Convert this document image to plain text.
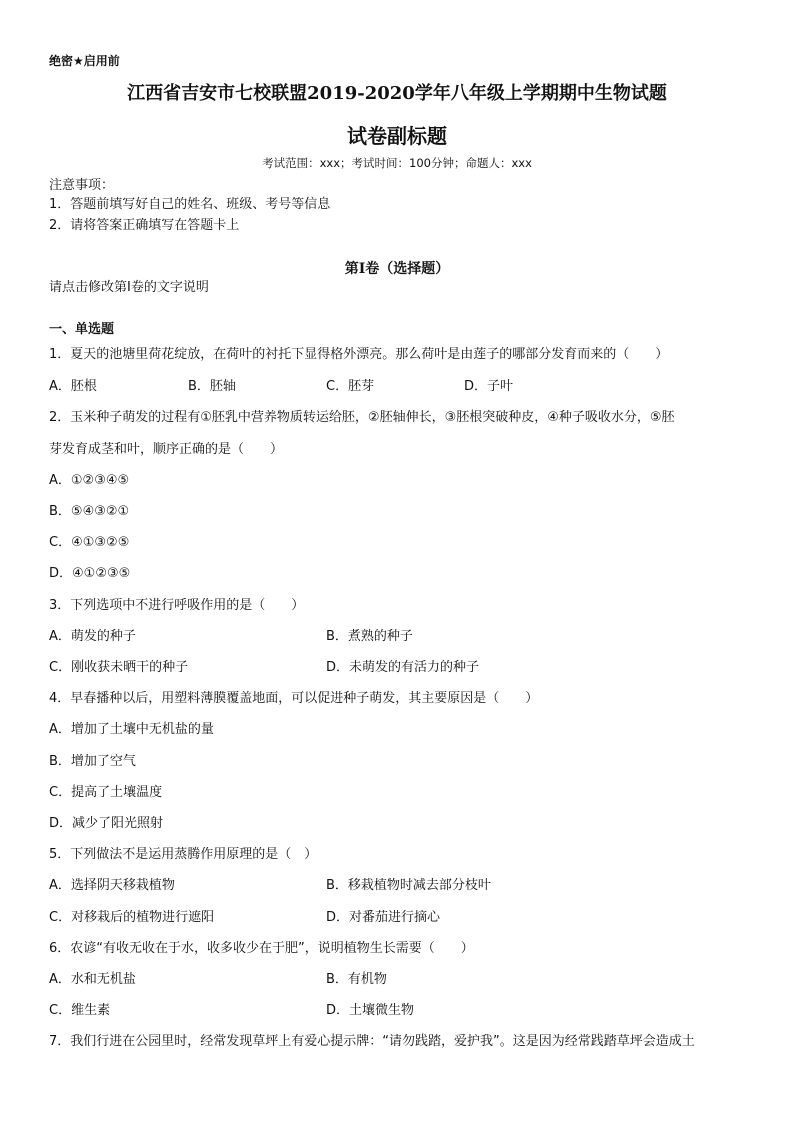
绝密★启用前
江西省吉安市七校联盟2019-2020学年八年级上学期期中生物试题
试卷副标题
考试范围：xxx；考试时间：100分钟；命题人：xxx
注意事项：
1．答题前填写好自己的姓名、班级、考号等信息
2．请将答案正确填写在答题卡上
第I卷（选择题）
请点击修改第I卷的文字说明
一、单选题
1．夏天的池塘里荷花绽放，在荷叶的衬托下显得格外漂亮。那么荷叶是由莲子的哪部分发育而来的（　　）
A．胚根	B．胚轴	C．胚芽	D．子叶
2．玉米种子萌发的过程有①胚乳中营养物质转运给胚，②胚轴伸长，③胚根突破种皮，④种子吸收水分，⑤胚
芽发育成茎和叶，顺序正确的是（　　）
A．①②③④⑤
B．⑤④③②①
C．④①③②⑤
D．④①②③⑤
3．下列选项中不进行呼吸作用的是（　　）
A．萌发的种子	B．煮熟的种子
C．刚收获未晒干的种子	D．未萌发的有活力的种子
4．早春播种以后，用塑料薄膜覆盖地面，可以促进种子萌发，其主要原因是（　　）
A．增加了土壤中无机盐的量
B．增加了空气
C．提高了土壤温度
D．减少了阳光照射
5．下列做法不是运用蒸腾作用原理的是（　）
A．选择阴天移栽植物	B．移栽植物时减去部分枝叶
C．对移栽后的植物进行遮阳	D．对番茄进行摘心
6．农谚“有收无收在于水，收多收少在于肥”，说明植物生长需要（　　）
A．水和无机盐	B．有机物
C．维生素	D．土壤微生物
7．我们行进在公园里时，经常发现草坪上有爱心提示牌：“请勿践踏，爱护我”。这是因为经常践踏草坪会造成土
